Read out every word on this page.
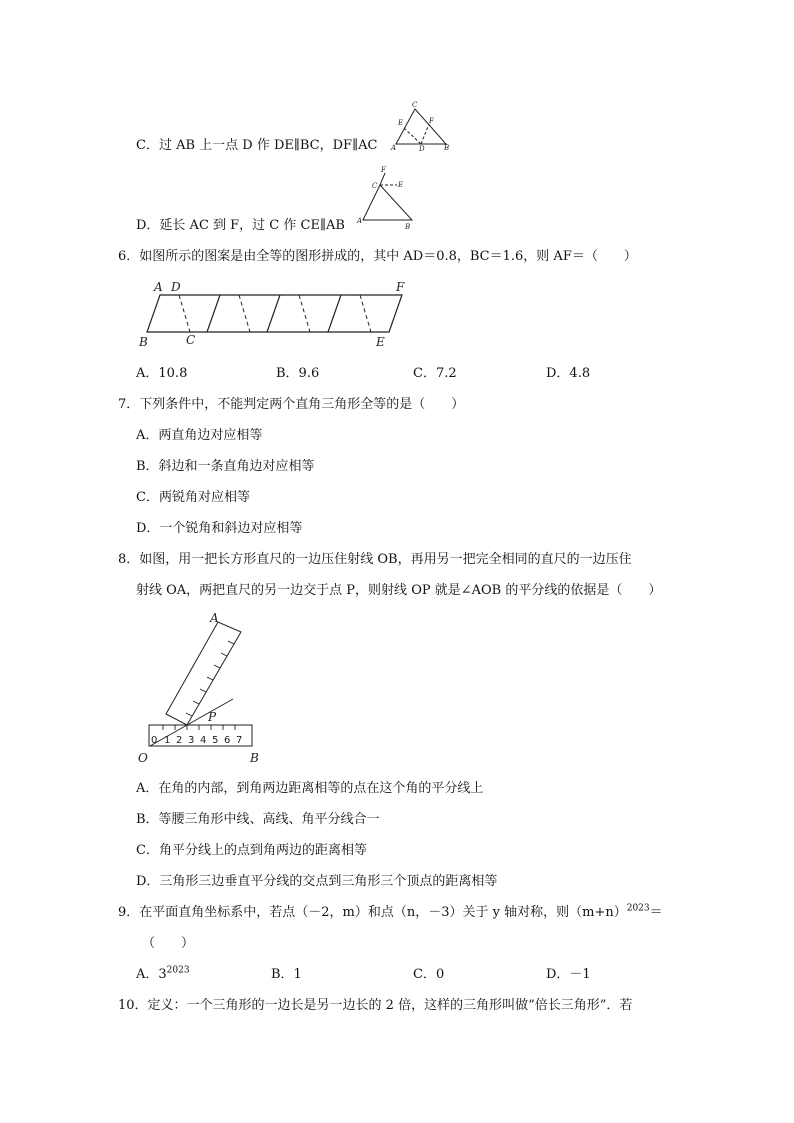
C．过 AB 上一点 D 作 DE∥BC，DF∥AC
C
E	F
A	D	B
D．延长 AC 到 F，过 C 作 CE∥AB
F
C	E
A
B
6．如图所示的图案是由全等的图形拼成的，其中 AD＝0.8，BC＝1.6，则 AF＝（　　）
A D	F
B	C	E
A．10.8	B．9.6	C．7.2	D．4.8
7．下列条件中，不能判定两个直角三角形全等的是（　　）
A．两直角边对应相等
B．斜边和一条直角边对应相等
C．两锐角对应相等
D．一个锐角和斜边对应相等
8．如图，用一把长方形直尺的一边压住射线 OB，再用另一把完全相同的直尺的一边压住
射线 OA，两把直尺的另一边交于点 P，则射线 OP 就是∠AOB 的平分线的依据是（　　）
0 1 2 3 4 5 6 7
A
P
O	B
A．在角的内部，到角两边距离相等的点在这个角的平分线上
B．等腰三角形中线、高线、角平分线合一
C．角平分线上的点到角两边的距离相等
D．三角形三边垂直平分线的交点到三角形三个顶点的距离相等
9．在平面直角坐标系中，若点（－2，m）和点（n，－3）关于 y 轴对称，则$(m+n)^{2023}=$
（　　）
A．$3^{2023}$	B．1	C．0	D．－1
10．定义：一个三角形的一边长是另一边长的 2 倍，这样的三角形叫做“倍长三角形”．若
